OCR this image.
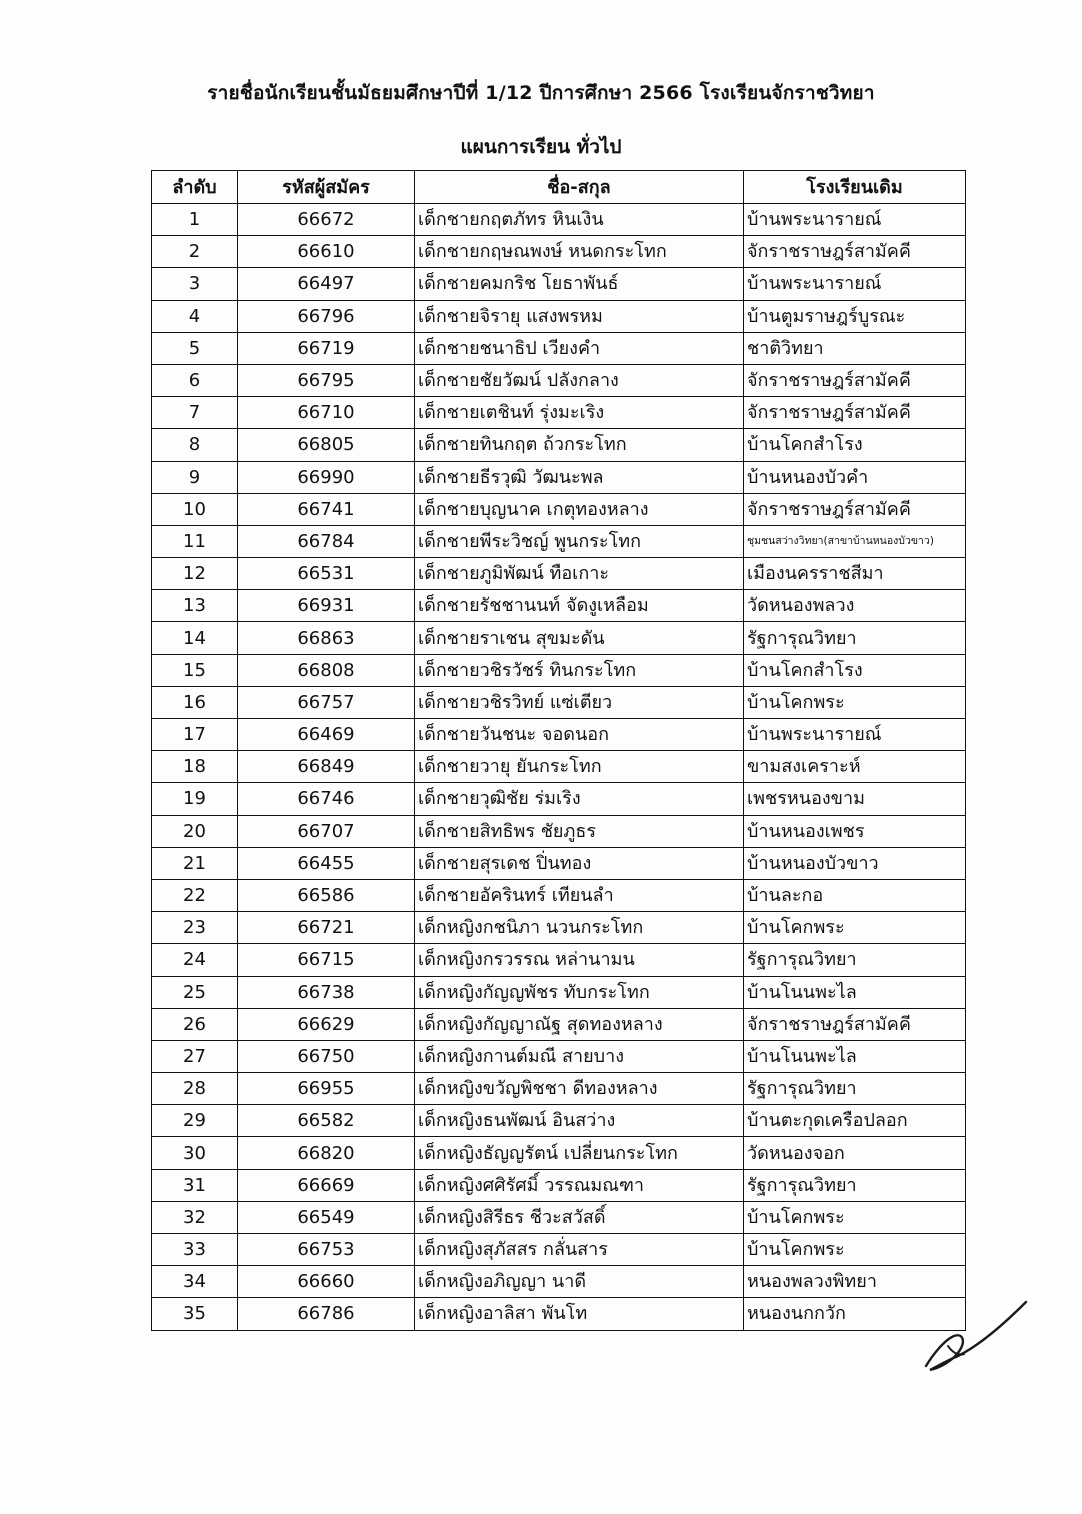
รายชื่อนักเรียนชั้นมัธยมศึกษาปีที่ 1/12 ปีการศึกษา 2566 โรงเรียนจักราชวิทยา
แผนการเรียน ทั่วไป
ลำดับ	รหัสผู้สมัคร	ชื่อ-สกุล	โรงเรียนเดิม
1	66672	เด็กชายกฤตภัทร หินเงิน	บ้านพระนารายณ์
2	66610	เด็กชายกฤษณพงษ์ หนดกระโทก	จักราชราษฎร์สามัคคี
3	66497	เด็กชายคมกริช โยธาพันธ์	บ้านพระนารายณ์
4	66796	เด็กชายจิรายุ แสงพรหม	บ้านตูมราษฎร์บูรณะ
5	66719	เด็กชายชนาธิป เวียงคำ	ชาติวิทยา
6	66795	เด็กชายชัยวัฒน์ ปลังกลาง	จักราชราษฎร์สามัคคี
7	66710	เด็กชายเตชินท์ รุ่งมะเริง	จักราชราษฎร์สามัคคี
8	66805	เด็กชายทินกฤต ถ้วกระโทก	บ้านโคกสำโรง
9	66990	เด็กชายธีรวุฒิ วัฒนะพล	บ้านหนองบัวคำ
10	66741	เด็กชายบุญนาค เกตุทองหลาง	จักราชราษฎร์สามัคคี
11	66784	เด็กชายพีระวิชญ์ พูนกระโทก	ชุมชนสว่างวิทยา(สาขาบ้านหนองบัวขาว)
12	66531	เด็กชายภูมิพัฒน์ ทือเกาะ	เมืองนครราชสีมา
13	66931	เด็กชายรัชชานนท์ จัดงูเหลือม	วัดหนองพลวง
14	66863	เด็กชายราเชน สุขมะดัน	รัฐการุณวิทยา
15	66808	เด็กชายวชิรวัชร์ ทินกระโทก	บ้านโคกสำโรง
16	66757	เด็กชายวชิรวิทย์ แซ่เตียว	บ้านโคกพระ
17	66469	เด็กชายวันชนะ จอดนอก	บ้านพระนารายณ์
18	66849	เด็กชายวายุ ยันกระโทก	ขามสงเคราะห์
19	66746	เด็กชายวุฒิชัย ร่มเริง	เพชรหนองขาม
20	66707	เด็กชายสิทธิพร ชัยภูธร	บ้านหนองเพชร
21	66455	เด็กชายสุรเดช ปิ่นทอง	บ้านหนองบัวขาว
22	66586	เด็กชายอัครินทร์ เทียนลำ	บ้านละกอ
23	66721	เด็กหญิงกชนิภา นวนกระโทก	บ้านโคกพระ
24	66715	เด็กหญิงกรวรรณ หล่านามน	รัฐการุณวิทยา
25	66738	เด็กหญิงกัญญพัชร ทับกระโทก	บ้านโนนพะไล
26	66629	เด็กหญิงกัญญาณัฐ สุดทองหลาง	จักราชราษฎร์สามัคคี
27	66750	เด็กหญิงกานต์มณี สายบาง	บ้านโนนพะไล
28	66955	เด็กหญิงขวัญพิชชา ดีทองหลาง	รัฐการุณวิทยา
29	66582	เด็กหญิงธนพัฒน์ อินสว่าง	บ้านตะกุดเครือปลอก
30	66820	เด็กหญิงธัญญรัตน์ เปลี่ยนกระโทก	วัดหนองจอก
31	66669	เด็กหญิงศศิรัศมิ์ วรรณมณฑา	รัฐการุณวิทยา
32	66549	เด็กหญิงสิรีธร ชีวะสวัสดิ์	บ้านโคกพระ
33	66753	เด็กหญิงสุภัสสร กลั่นสาร	บ้านโคกพระ
34	66660	เด็กหญิงอภิญญา นาดี	หนองพลวงพิทยา
35	66786	เด็กหญิงอาลิสา พันโท	หนองนกกวัก
